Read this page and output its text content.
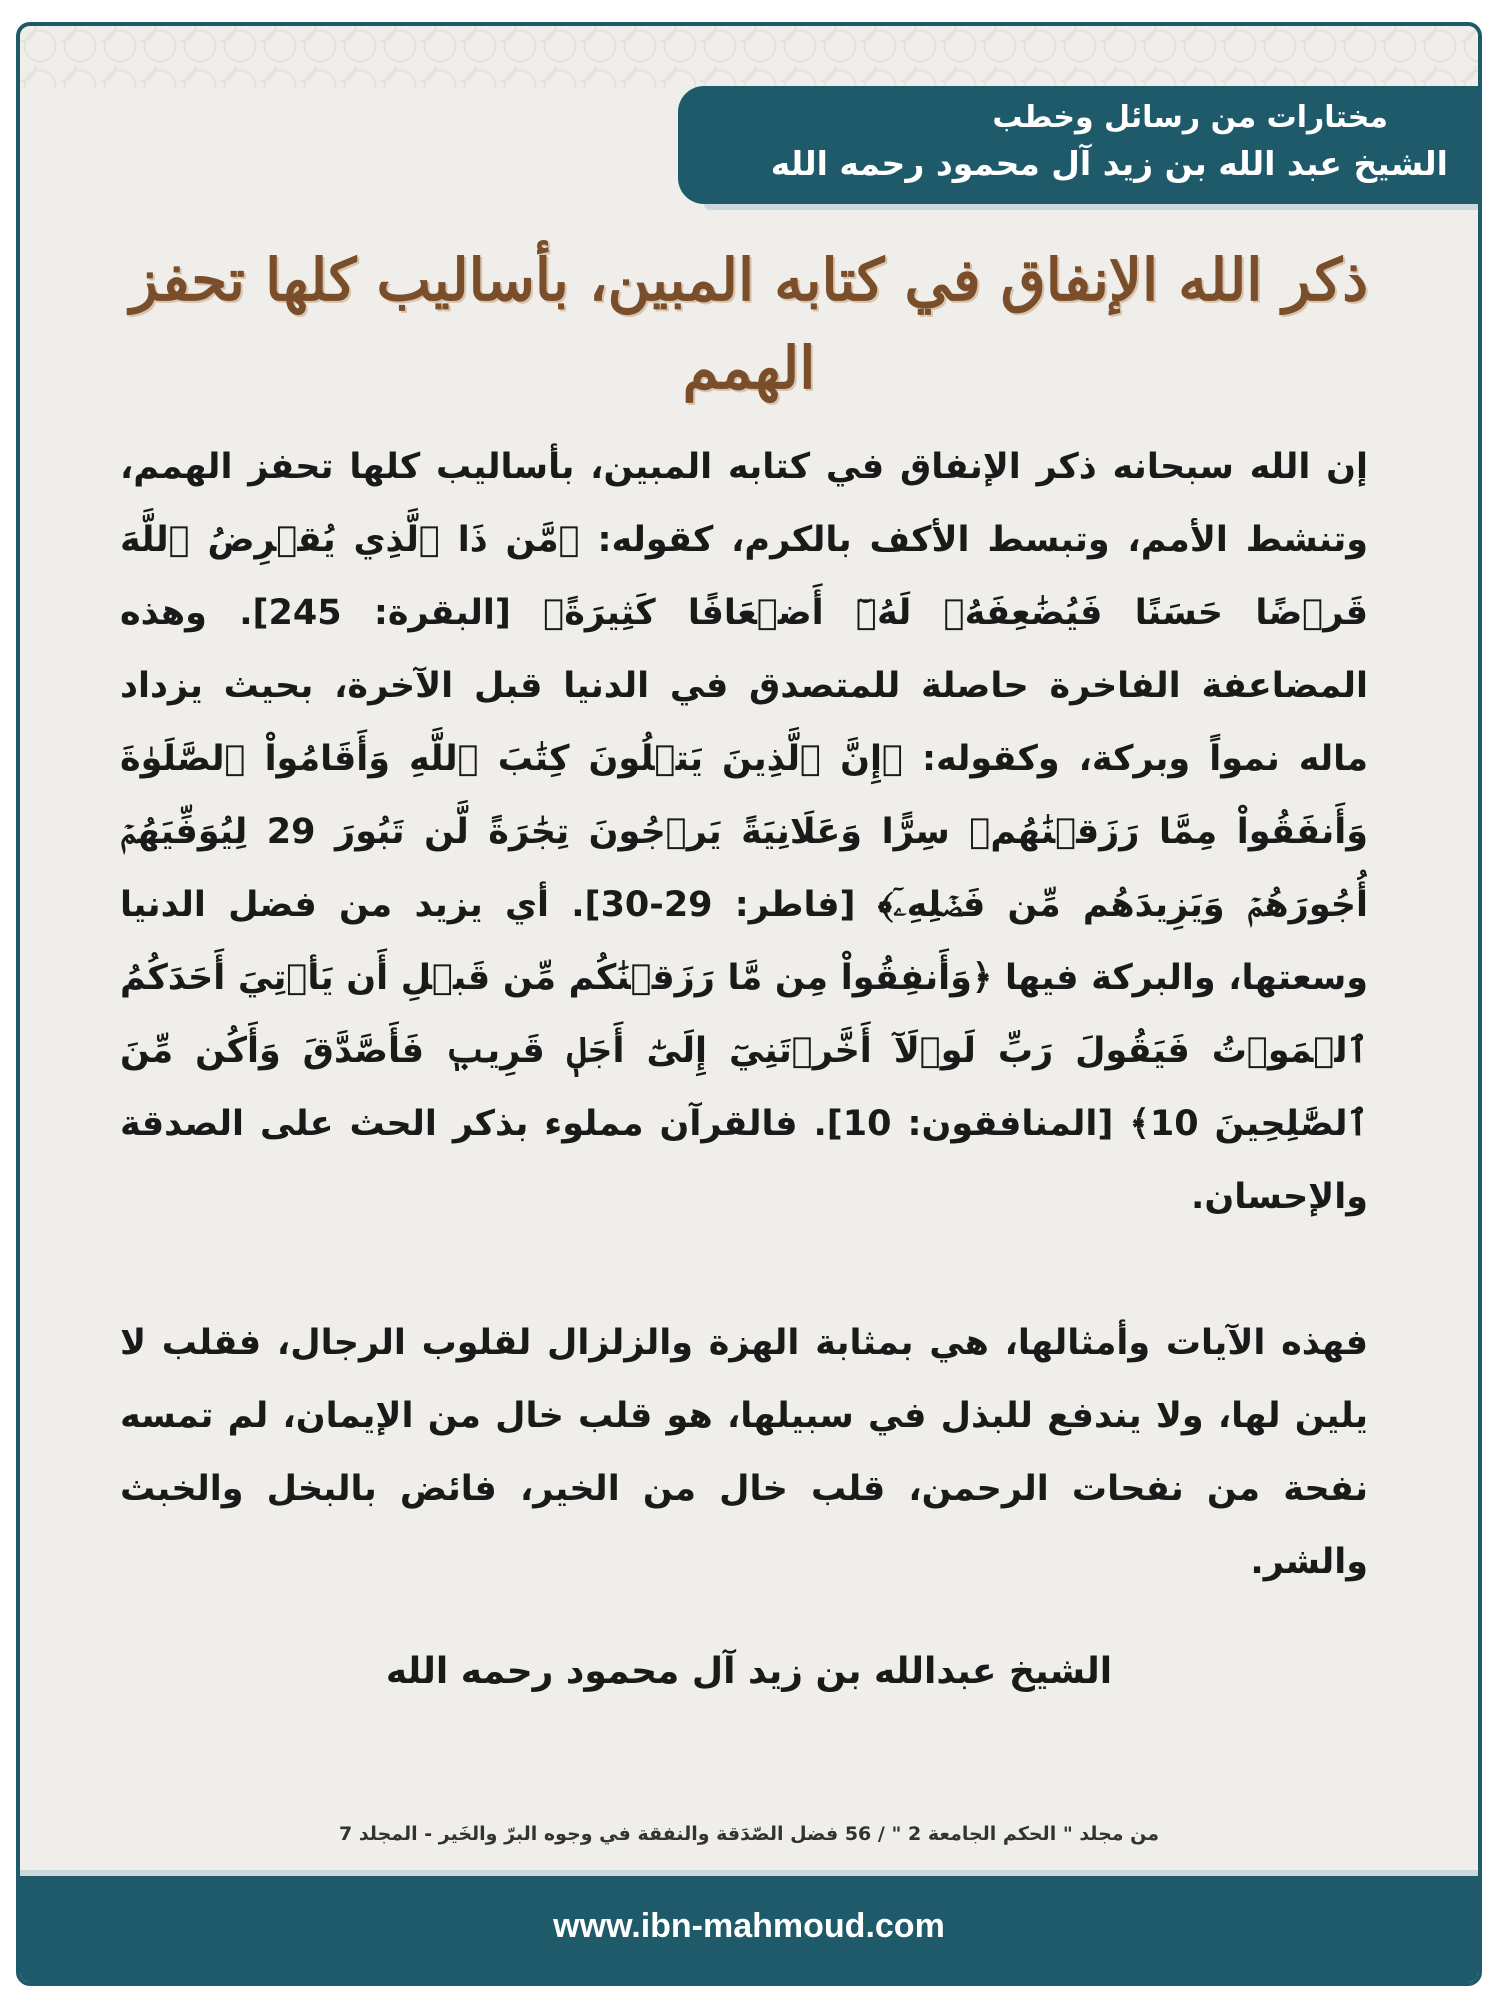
مختارات من رسائل وخطب
الشيخ عبد الله بن زيد آل محمود رحمه الله
ذكر الله الإنفاق في كتابه المبين، بأساليب كلها تحفز الهمم

إن الله سبحانه ذكر الإنفاق في كتابه المبين، بأساليب كلها تحفز الهمم، وتنشط الأمم، وتبسط الأكف بالكرم، كقوله: ﴿مَّن ذَا ٱلَّذِي يُقۡرِضُ ٱللَّهَ قَرۡضًا حَسَنًا فَيُضَٰعِفَهُۥ لَهُۥٓ أَضۡعَافًا كَثِيرَةً﴾ [البقرة: 245]. وهذه المضاعفة الفاخرة حاصلة للمتصدق في الدنيا قبل الآخرة، بحيث يزداد ماله نمواً وبركة، وكقوله: ﴿إِنَّ ٱلَّذِينَ يَتۡلُونَ كِتَٰبَ ٱللَّهِ وَأَقَامُواْ ٱلصَّلَوٰةَ وَأَنفَقُواْ مِمَّا رَزَقۡنَٰهُمۡ سِرًّا وَعَلَانِيَةً يَرۡجُونَ تِجَٰرَةً لَّن تَبُورَ 29 لِيُوَفِّيَهُمۡ أُجُورَهُمۡ وَيَزِيدَهُم مِّن فَضۡلِهِۦٓ﴾ [فاطر: 29-30]. أي يزيد من فضل الدنيا وسعتها، والبركة فيها ﴿وَأَنفِقُواْ مِن مَّا رَزَقۡنَٰكُم مِّن قَبۡلِ أَن يَأۡتِيَ أَحَدَكُمُ ٱلۡمَوۡتُ فَيَقُولَ رَبِّ لَوۡلَآ أَخَّرۡتَنِيٓ إِلَىٰٓ أَجَلٖ قَرِيبٖ فَأَصَّدَّقَ وَأَكُن مِّنَ ٱلصَّٰلِحِينَ 10﴾ [المنافقون: 10]. فالقرآن مملوء بذكر الحث على الصدقة والإحسان.

فهذه الآيات وأمثالها، هي بمثابة الهزة والزلزال لقلوب الرجال، فقلب لا يلين لها، ولا يندفع للبذل في سبيلها، هو قلب خال من الإيمان، لم تمسه نفحة من نفحات الرحمن، قلب خال من الخير، فائض بالبخل والخبث والشر.

الشيخ عبدالله بن زيد آل محمود رحمه الله
من مجلد " الحكم الجامعة 2 " / 56 فضل الصّدَقة والنفقة في وجوه البرّ والخَير - المجلد 7
www.ibn-mahmoud.com
